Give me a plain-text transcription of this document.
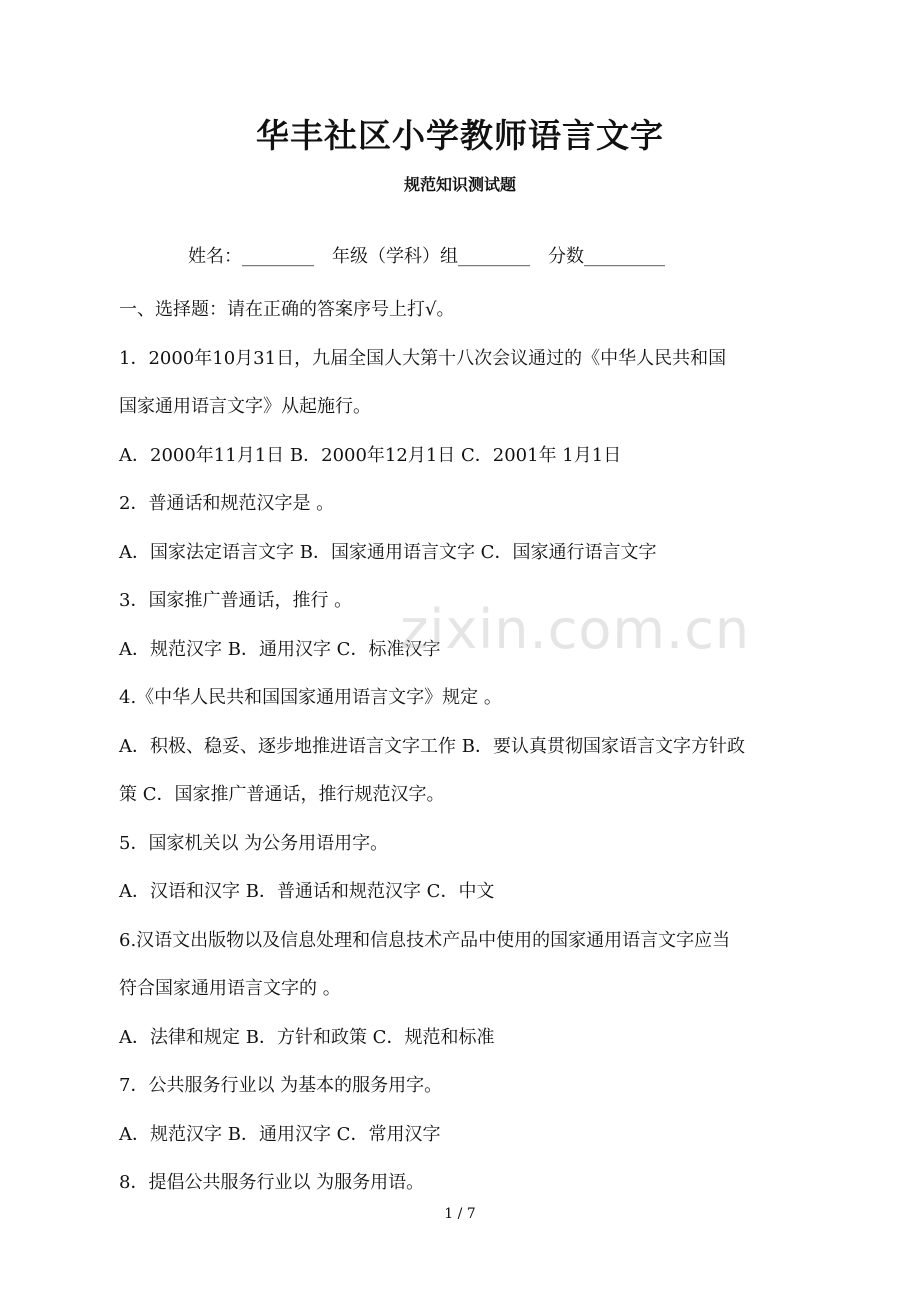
华丰社区小学教师语言文字
规范知识测试题
姓名：________ 年级（学科）组________ 分数_________
一、选择题：请在正确的答案序号上打√。
1．2000年10月31日，九届全国人大第十八次会议通过的《中华人民共和国
国家通用语言文字》从起施行。
A．2000年11月1日 B．2000年12月1日 C．2001年 1月1日
2．普通话和规范汉字是 。
A．国家法定语言文字 B．国家通用语言文字 C．国家通行语言文字
3．国家推广普通话，推行 。
A．规范汉字 B．通用汉字 C．标准汉字
4.《中华人民共和国国家通用语言文字》规定 。
A．积极、稳妥、逐步地推进语言文字工作 B．要认真贯彻国家语言文字方针政
策 C．国家推广普通话，推行规范汉字。
5．国家机关以 为公务用语用字。
A．汉语和汉字 B．普通话和规范汉字 C．中文
6.汉语文出版物以及信息处理和信息技术产品中使用的国家通用语言文字应当
符合国家通用语言文字的 。
A．法律和规定 B．方针和政策 C．规范和标准
7．公共服务行业以 为基本的服务用字。
A．规范汉字 B．通用汉字 C．常用汉字
8．提倡公共服务行业以 为服务用语。
zixin.com.cn
1 / 7
